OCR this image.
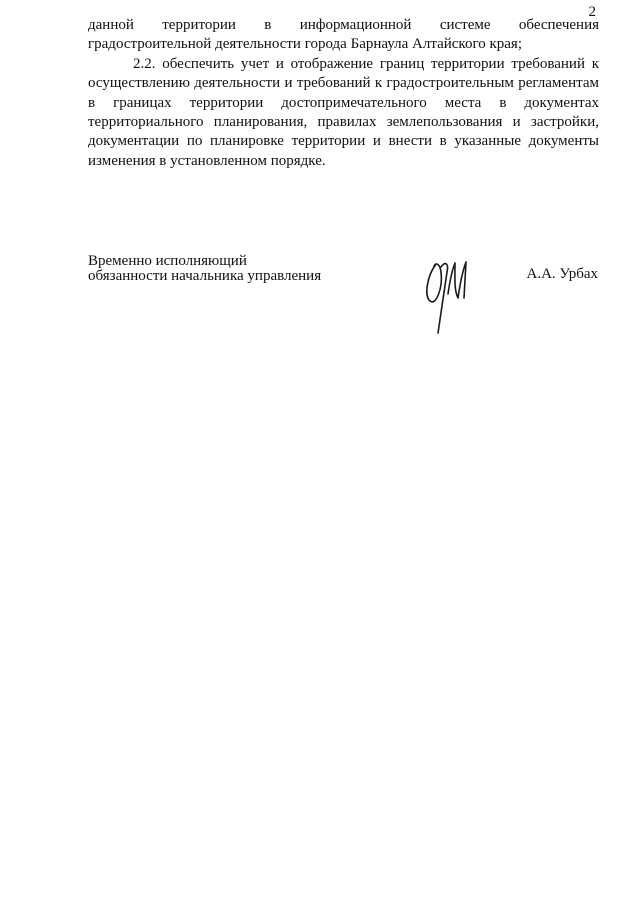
2

данной территории в информационной системе обеспечения градостроительной деятельности города Барнаула Алтайского края;

2.2. обеспечить учет и отображение границ территории требований к осуществлению деятельности и требований к градостроительным регламентам в границах территории достопримечательного места в документах территориального планирования, правилах землепользования и застройки, документации по планировке территории и внести в указанные документы изменения в установленном порядке.

Временно исполняющий
обязанности начальника управления	А.А. Урбах
